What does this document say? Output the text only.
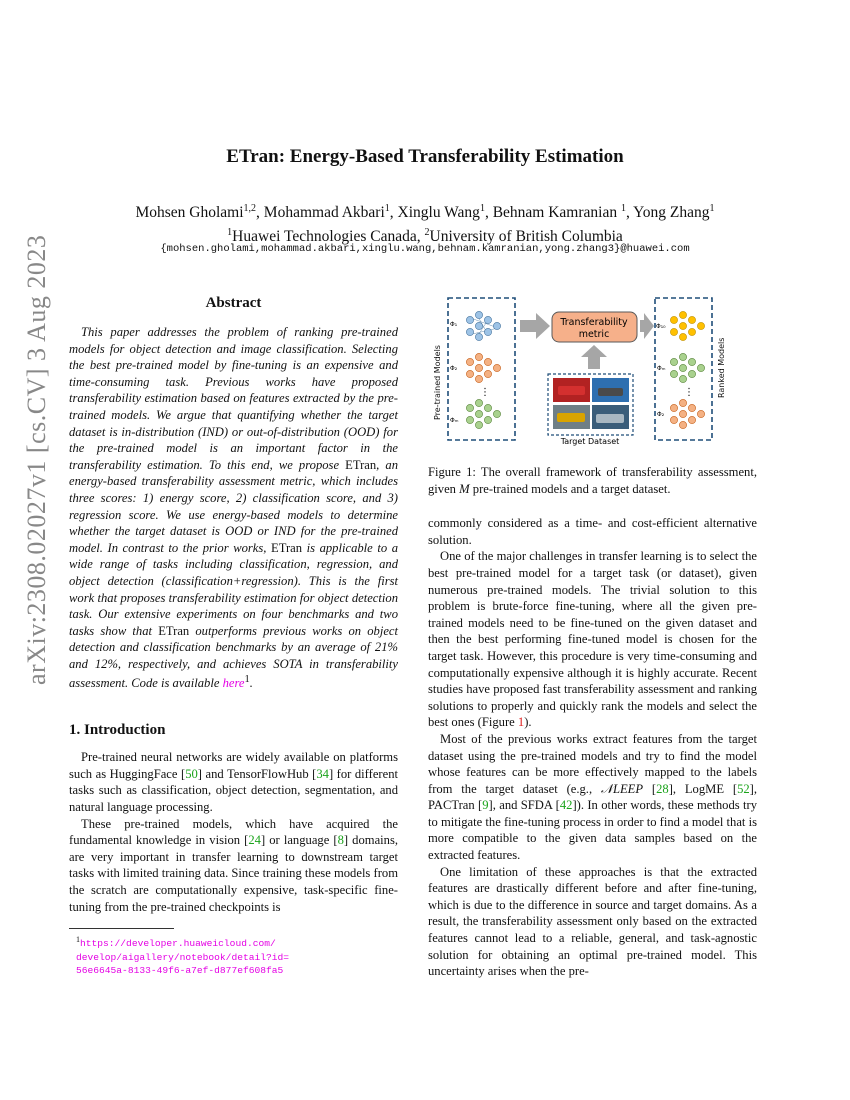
arXiv:2308.02027v1 [cs.CV] 3 Aug 2023
ETran: Energy-Based Transferability Estimation
Mohsen Gholami$^{1,2}$, Mohammad Akbari$^1$, Xinglu Wang$^1$, Behnam Kamranian $^1$, Yong Zhang$^1$
$^1$Huawei Technologies Canada, $^2$University of British Columbia
{mohsen.gholami,mohammad.akbari,xinglu.wang,behnam.kamranian,yong.zhang3}@huawei.com
Abstract

This paper addresses the problem of ranking pre-trained models for object detection and image classification. Selecting the best pre-trained model by fine-tuning is an expensive and time-consuming task. Previous works have proposed transferability estimation based on features extracted by the pre-trained models. We argue that quantifying whether the target dataset is in-distribution (IND) or out-of-distribution (OOD) for the pre-trained model is an important factor in the transferability estimation. To this end, we propose ETran, an energy-based transferability assessment metric, which includes three scores: 1) energy score, 2) classification score, and 3) regression score. We use energy-based models to determine whether the target dataset is OOD or IND for the pre-trained model. In contrast to the prior works, ETran is applicable to a wide range of tasks including classification, regression, and object detection (classification+regression). This is the first work that proposes transferability estimation for object detection task. Our extensive experiments on four benchmarks and two tasks show that ETran outperforms previous works on object detection and classification benchmarks by an average of 21% and 12%, respectively, and achieves SOTA in transferability assessment. Code is available here$^1$.

1. Introduction

Pre-trained neural networks are widely available on platforms such as HuggingFace [50] and TensorFlowHub [34] for different tasks such as classification, object detection, segmentation, and natural language processing.

These pre-trained models, which have acquired the fundamental knowledge in vision [24] or language [8] domains, are very important in transfer learning to downstream target tasks with limited training data. Since training these models from the scratch are computationally expensive, task-specific fine-tuning from the pre-trained checkpoints is

$^1$https://developer.huaweicloud.com/
develop/aigallery/notebook/detail?id=
56e6645a-8133-49f6-a7ef-d877ef608fa5
Pre-trained Models
Φ₁
Φ₂
Φₘ
⋮
Transferability
metric
Target Dataset
Ranked Models
Φ₁₀
Φₘ
Φ₂
⋮
Figure 1: The overall framework of transferability assessment, given M pre-trained models and a target dataset.

commonly considered as a time- and cost-efficient alternative solution.

One of the major challenges in transfer learning is to select the best pre-trained model for a target task (or dataset), given numerous pre-trained models. The trivial solution to this problem is brute-force fine-tuning, where all the given pre-trained models need to be fine-tuned on the given dataset and then the best performing fine-tuned model is chosen for the target task. However, this procedure is very time-consuming and computationally expensive although it is highly accurate. Recent studies have proposed fast transferability assessment and ranking solutions to properly and quickly rank the models and select the best ones (Figure 1).

Most of the previous works extract features from the target dataset using the pre-trained models and try to find the model whose features can be more effectively mapped to the labels from the target dataset (e.g., 𝒩LEEP [28], LogME [52], PACTran [9], and SFDA [42]). In other words, these methods try to mitigate the fine-tuning process in order to find a model that is more compatible to the given data samples based on the extracted features.

One limitation of these approaches is that the extracted features are drastically different before and after fine-tuning, which is due to the difference in source and target domains. As a result, the transferability assessment only based on the extracted features cannot lead to a reliable, general, and task-agnostic solution for obtaining an optimal pre-trained model. This uncertainty arises when the pre-
